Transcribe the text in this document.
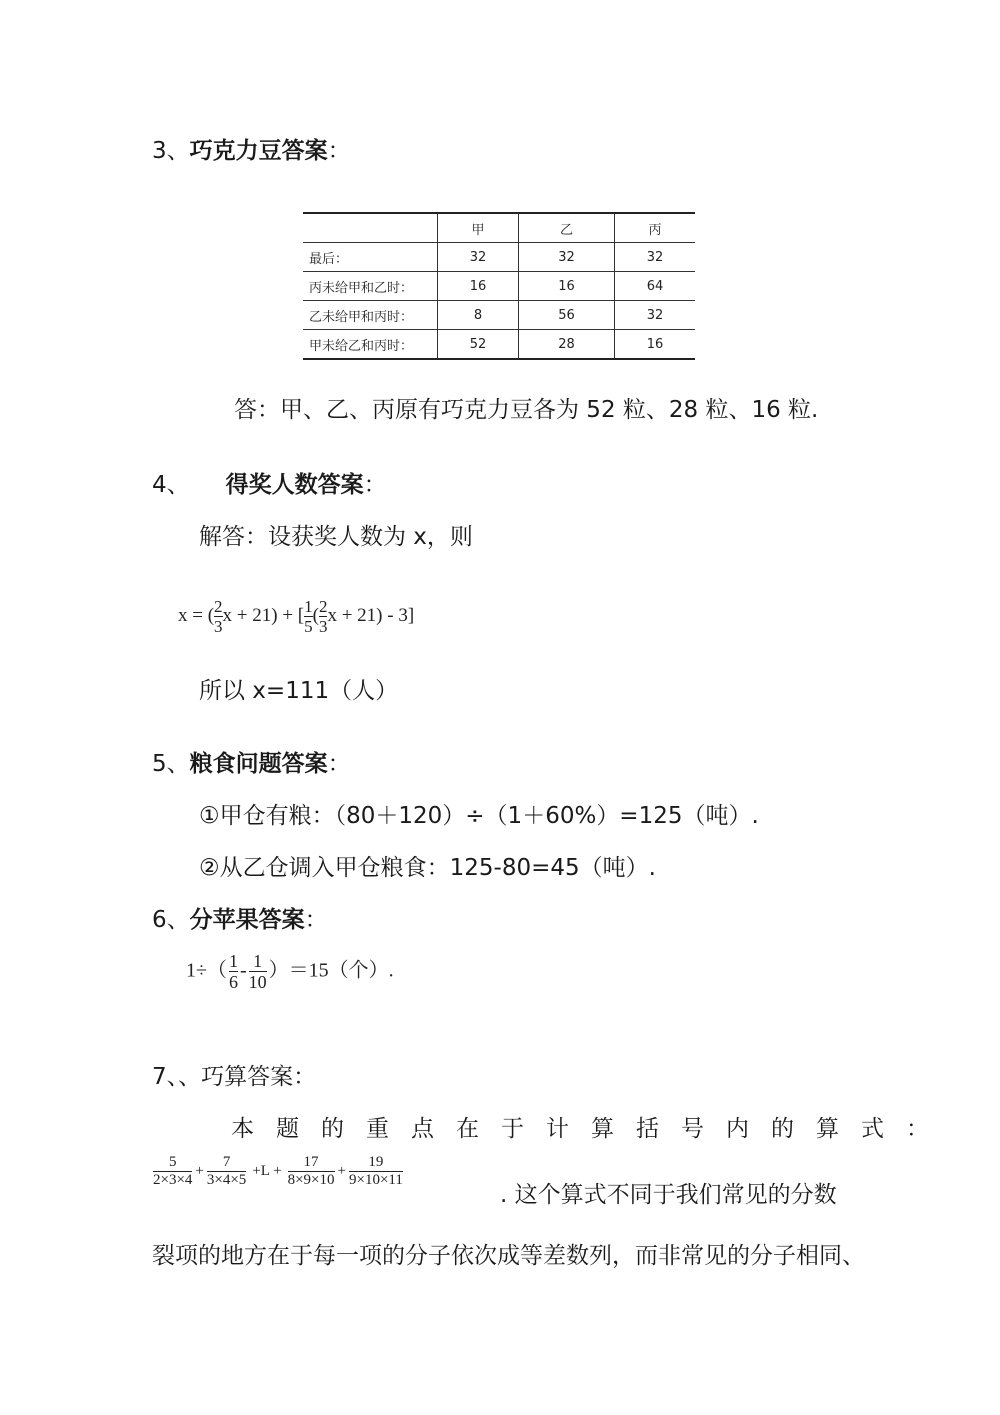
3、巧克力豆答案：
	甲	乙	丙
最后：	32	32	32
丙未给甲和乙时：	16	16	64
乙未给甲和丙时：	8	56	32
甲未给乙和丙时：	52	28	16
答：甲、乙、丙原有巧克力豆各为 52 粒、28 粒、16 粒.
4、 得奖人数答案：
解答：设获奖人数为 x，则
x = ( $\frac{2}{3}$ x + 21) + [ $\frac{1}{5}$ ( $\frac{2}{3}$ x + 21) - 3]
所以 x=111（人）
5、粮食问题答案：
①甲仓有粮：（80＋120）÷（1＋60%）=125（吨）.
②从乙仓调入甲仓粮食：125-80=45（吨）.
6、分苹果答案：
$1\div( \frac{1}{6} - \frac{1}{10} )=15$（个）.
7、、巧算答案：
本题的重点在于计算括号内的算式：
$\frac{5}{2\times 3\times 4} + \frac{7}{3\times 4\times 5} +L + \frac{17}{8\times 9\times 10} + \frac{19}{9\times 10\times 11}$
. 这个算式不同于我们常见的分数
裂项的地方在于每一项的分子依次成等差数列，而非常见的分子相同、
